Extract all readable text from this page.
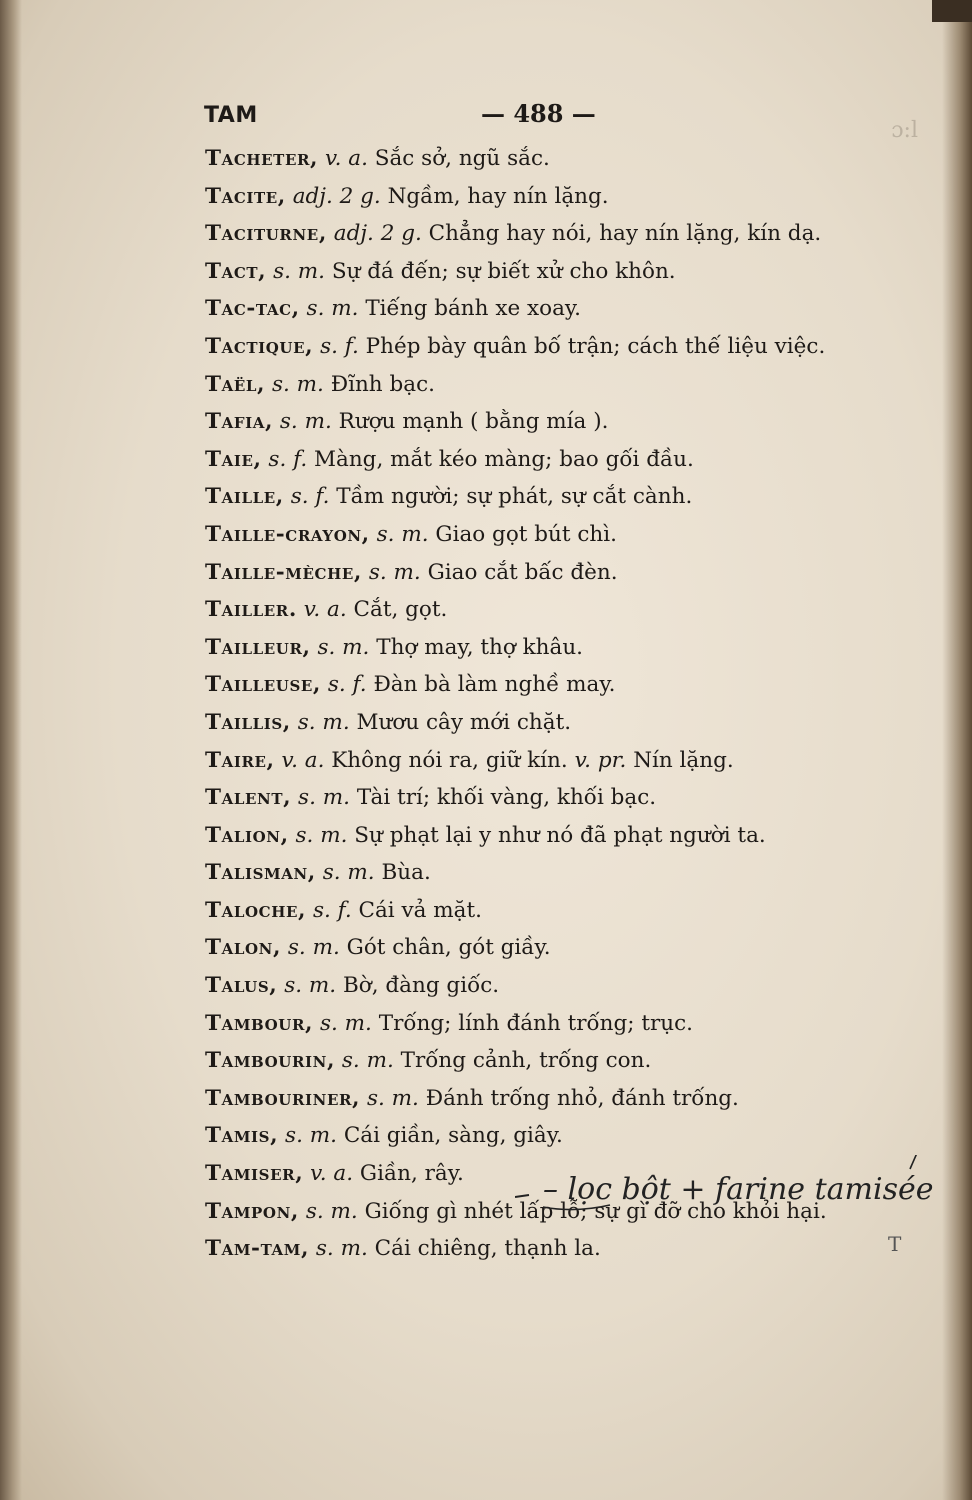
ɔ:l
TAM	— 488 —
Tacheter, v. a. Sắc sở, ngũ sắc.
Tacite, adj. 2 g. Ngầm, hay nín lặng.
Taciturne, adj. 2 g. Chẳng hay nói, hay nín lặng, kín dạ.
Tact, s. m. Sự đá đến; sự biết xử cho khôn.
Tac-tac, s. m. Tiếng bánh xe xoay.
Tactique, s. f. Phép bày quân bố trận; cách thế liệu việc.
Taël, s. m. Đĩnh bạc.
Tafia, s. m. Rượu mạnh ( bằng mía ).
Taie, s. f. Màng, mắt kéo màng; bao gối đầu.
Taille, s. f. Tầm người; sự phát, sự cắt cành.
Taille-crayon, s. m. Giao gọt bút chì.
Taille-mèche, s. m. Giao cắt bấc đèn.
Tailler. v. a. Cắt, gọt.
Tailleur, s. m. Thợ may, thợ khâu.
Tailleuse, s. f. Đàn bà làm nghề may.
Taillis, s. m. Mươu cây mới chặt.
Taire, v. a. Không nói ra, giữ kín. v. pr. Nín lặng.
Talent, s. m. Tài trí; khối vàng, khối bạc.
Talion, s. m. Sự phạt lại y như nó đã phạt người ta.
Talisman, s. m. Bùa.
Taloche, s. f. Cái vả mặt.
Talon, s. m. Gót chân, gót giầy.
Talus, s. m. Bờ, đàng giốc.
Tambour, s. m. Trống; lính đánh trống; trục.
Tambourin, s. m. Trống cảnh, trống con.
Tambouriner, s. m. Đánh trống nhỏ, đánh trống.
Tamis, s. m. Cái giần, sàng, giây.
Tamiser, v. a. Giần, rây.
Tampon, s. m. Giống gì nhét lấp lỗ; sự gì đỡ cho khỏi hại.
Tam-tam, s. m. Cái chiêng, thạnh la.
– lọc bột + farine tamisée
T
